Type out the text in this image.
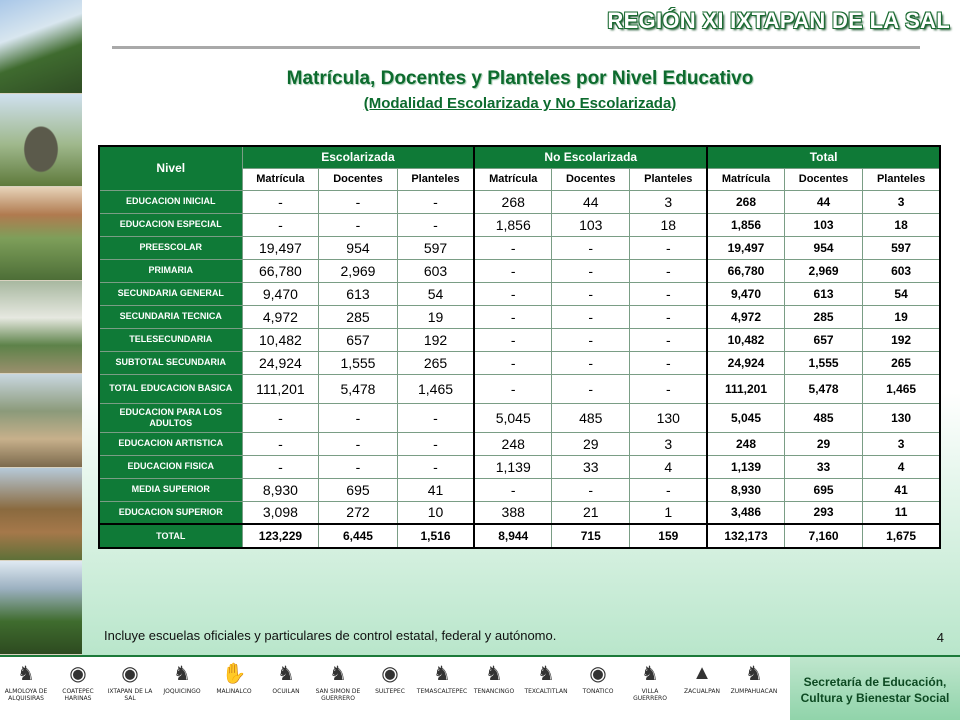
REGIÓN XI IXTAPAN DE LA SAL
Matrícula, Docentes y Planteles por Nivel Educativo
(Modalidad Escolarizada y No Escolarizada)
Nivel	Escolarizada			No Escolarizada			Total		
	Matrícula	Docentes	Planteles	Matrícula	Docentes	Planteles	Matrícula	Docentes	Planteles
EDUCACION INICIAL	-	-	-	268	44	3	268	44	3
EDUCACION ESPECIAL	-	-	-	1,856	103	18	1,856	103	18
PREESCOLAR	19,497	954	597	-	-	-	19,497	954	597
PRIMARIA	66,780	2,969	603	-	-	-	66,780	2,969	603
SECUNDARIA GENERAL	9,470	613	54	-	-	-	9,470	613	54
SECUNDARIA TECNICA	4,972	285	19	-	-	-	4,972	285	19
TELESECUNDARIA	10,482	657	192	-	-	-	10,482	657	192
SUBTOTAL SECUNDARIA	24,924	1,555	265	-	-	-	24,924	1,555	265
TOTAL EDUCACION BASICA	111,201	5,478	1,465	-	-	-	111,201	5,478	1,465
EDUCACION PARA LOS ADULTOS	-	-	-	5,045	485	130	5,045	485	130
EDUCACION ARTISTICA	-	-	-	248	29	3	248	29	3
EDUCACION FISICA	-	-	-	1,139	33	4	1,139	33	4
MEDIA SUPERIOR	8,930	695	41	-	-	-	8,930	695	41
EDUCACION SUPERIOR	3,098	272	10	388	21	1	3,486	293	11
TOTAL	123,229	6,445	1,516	8,944	715	159	132,173	7,160	1,675
Incluye escuelas oficiales y particulares de control estatal, federal y autónomo.	4
♞
ALMOLOYA DE ALQUISIRAS
◉
COATEPEC HARINAS
◉
IXTAPAN DE LA SAL
♞
JOQUICINGO
✋
MALINALCO
♞
OCUILAN
♞
SAN SIMON DE GUERRERO
◉
SULTEPEC
♞
TEMASCALTEPEC
♞
TENANCINGO
♞
TEXCALTITLAN
◉
TONATICO
♞
VILLA GUERRERO
▲
ZACUALPAN
♞
ZUMPAHUACAN
Secretaría de Educación,
Cultura y Bienestar Social
